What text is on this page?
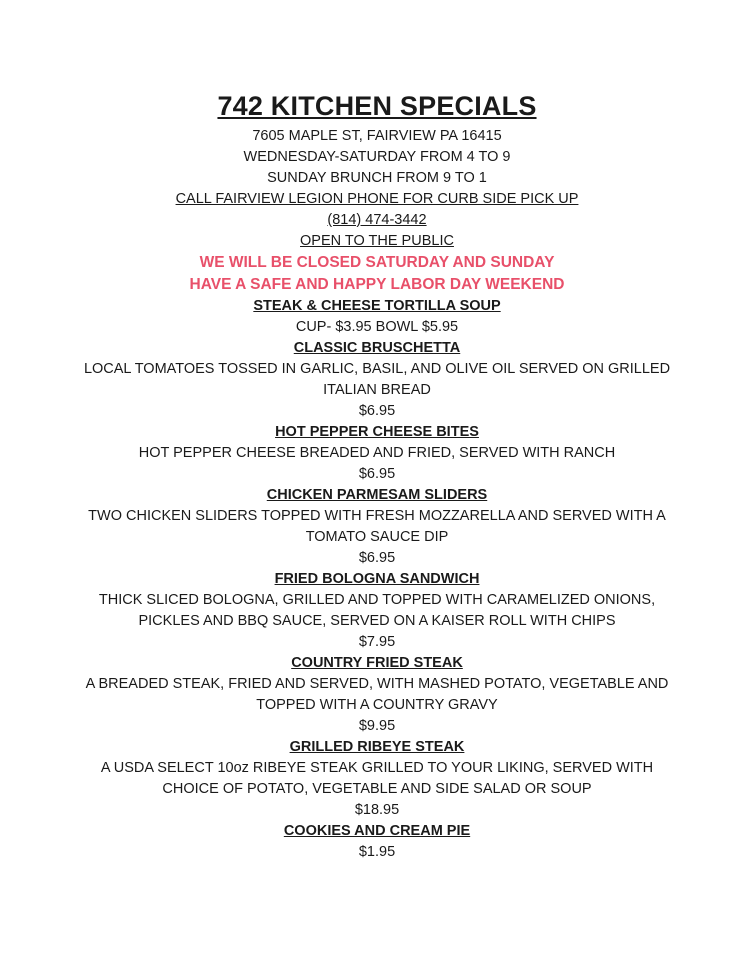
742 KITCHEN SPECIALS
7605 MAPLE ST, FAIRVIEW PA 16415
WEDNESDAY-SATURDAY FROM 4 TO 9
SUNDAY BRUNCH FROM 9 TO 1
CALL FAIRVIEW LEGION PHONE FOR CURB SIDE PICK UP
(814) 474-3442
OPEN TO THE PUBLIC
WE WILL BE CLOSED SATURDAY AND SUNDAY
HAVE A SAFE AND HAPPY LABOR DAY WEEKEND
STEAK & CHEESE TORTILLA SOUP
CUP- $3.95 BOWL $5.95
CLASSIC BRUSCHETTA
LOCAL TOMATOES TOSSED IN GARLIC, BASIL, AND OLIVE OIL SERVED ON GRILLED
ITALIAN BREAD
$6.95
HOT PEPPER CHEESE BITES
HOT PEPPER CHEESE BREADED AND FRIED, SERVED WITH RANCH
$6.95
CHICKEN PARMESAM SLIDERS
TWO CHICKEN SLIDERS TOPPED WITH FRESH MOZZARELLA AND SERVED WITH A
TOMATO SAUCE DIP
$6.95
FRIED BOLOGNA SANDWICH
THICK SLICED BOLOGNA, GRILLED AND TOPPED WITH CARAMELIZED ONIONS,
PICKLES AND BBQ SAUCE, SERVED ON A KAISER ROLL WITH CHIPS
$7.95
COUNTRY FRIED STEAK
A BREADED STEAK, FRIED AND SERVED, WITH MASHED POTATO, VEGETABLE AND
TOPPED WITH A COUNTRY GRAVY
$9.95
GRILLED RIBEYE STEAK
A USDA SELECT 10oz RIBEYE STEAK GRILLED TO YOUR LIKING, SERVED WITH
CHOICE OF POTATO, VEGETABLE AND SIDE SALAD OR SOUP
$18.95
COOKIES AND CREAM PIE
$1.95
